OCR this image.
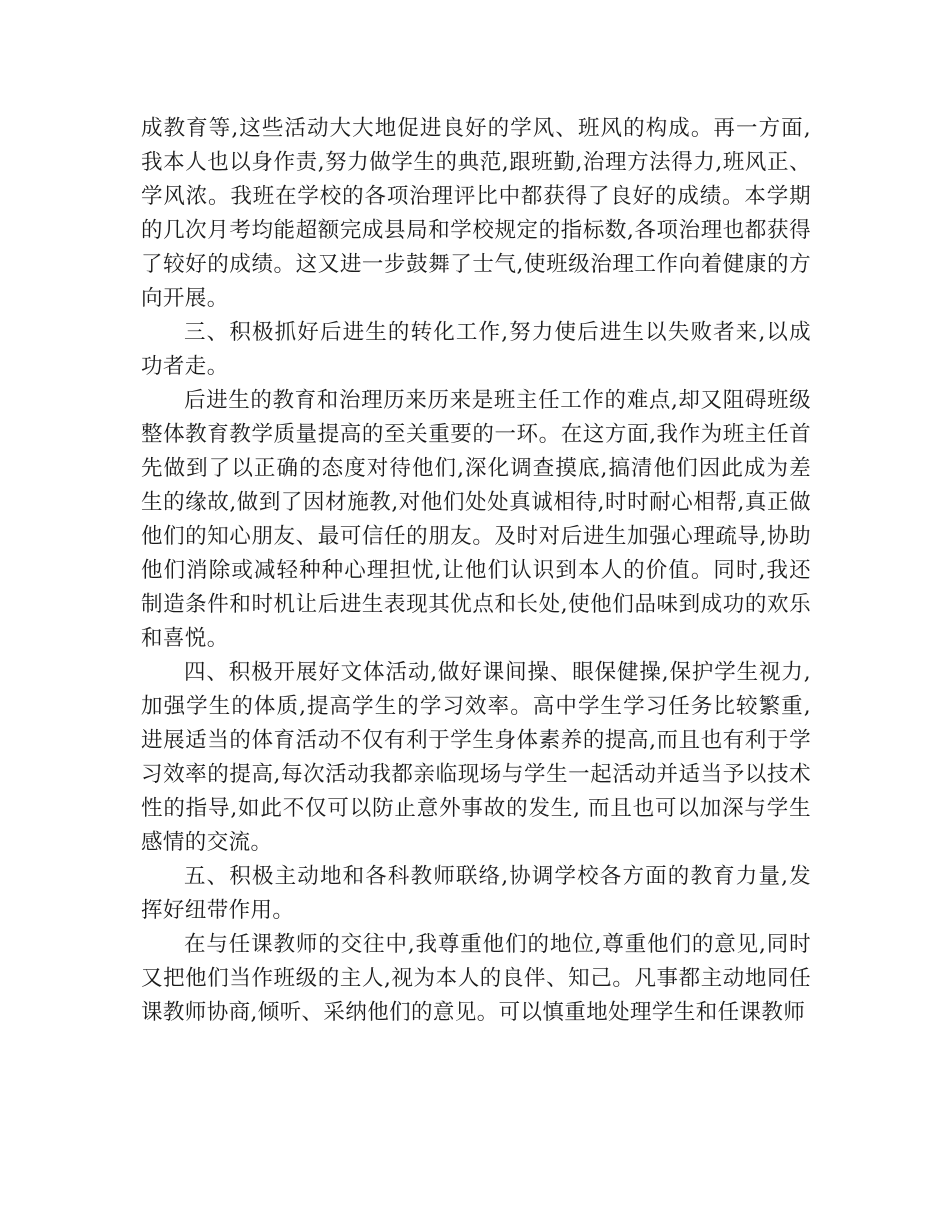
成教育等,这些活动大大地促进良好的学风、班风的构成。再一方面,我本人也以身作责,努力做学生的典范,跟班勤,治理方法得力,班风正、学风浓。我班在学校的各项治理评比中都获得了良好的成绩。本学期的几次月考均能超额完成县局和学校规定的指标数,各项治理也都获得了较好的成绩。这又进一步鼓舞了士气,使班级治理工作向着健康的方向开展。

三、积极抓好后进生的转化工作,努力使后进生以失败者来,以成功者走。

后进生的教育和治理历来历来是班主任工作的难点,却又阻碍班级整体教育教学质量提高的至关重要的一环。在这方面,我作为班主任首先做到了以正确的态度对待他们,深化调查摸底,搞清他们因此成为差生的缘故,做到了因材施教,对他们处处真诚相待,时时耐心相帮,真正做他们的知心朋友、最可信任的朋友。及时对后进生加强心理疏导,协助他们消除或减轻种种心理担忧,让他们认识到本人的价值。同时,我还制造条件和时机让后进生表现其优点和长处,使他们品味到成功的欢乐和喜悦。

四、积极开展好文体活动,做好课间操、眼保健操,保护学生视力,加强学生的体质,提高学生的学习效率。高中学生学习任务比较繁重,进展适当的体育活动不仅有利于学生身体素养的提高,而且也有利于学习效率的提高,每次活动我都亲临现场与学生一起活动并适当予以技术性的指导,如此不仅可以防止意外事故的发生, 而且也可以加深与学生感情的交流。

五、积极主动地和各科教师联络,协调学校各方面的教育力量,发挥好纽带作用。

在与任课教师的交往中,我尊重他们的地位,尊重他们的意见,同时又把他们当作班级的主人,视为本人的良伴、知己。凡事都主动地同任课教师协商,倾听、采纳他们的意见。可以慎重地处理学生和任课教师
